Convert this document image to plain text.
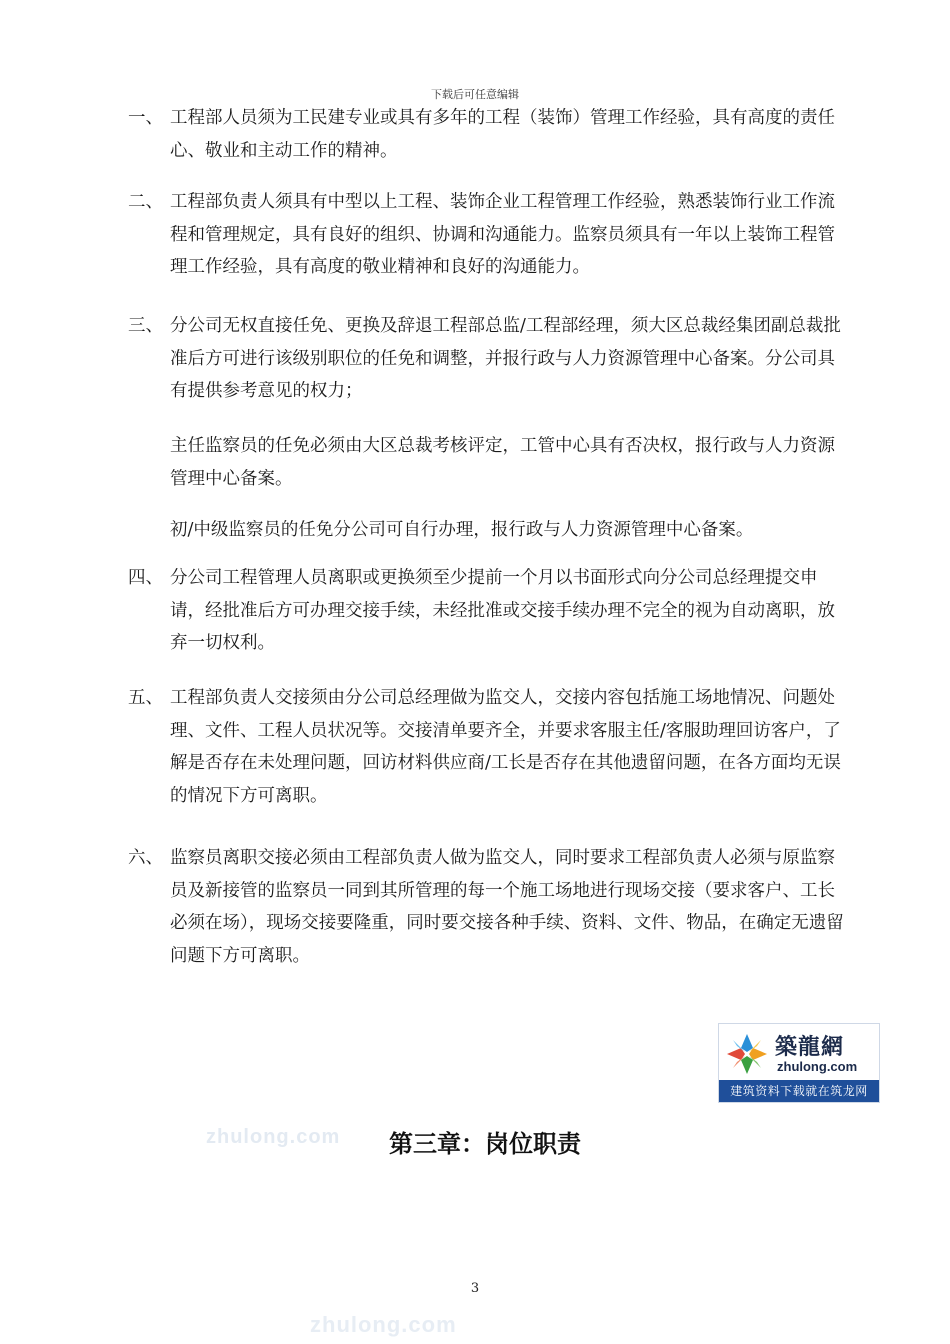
下载后可任意编辑
一、 工程部人员须为工民建专业或具有多年的工程（装饰）管理工作经验，具有高度的责任心、敬业和主动工作的精神。
二、 工程部负责人须具有中型以上工程、装饰企业工程管理工作经验，熟悉装饰行业工作流程和管理规定，具有良好的组织、协调和沟通能力。监察员须具有一年以上装饰工程管理工作经验，具有高度的敬业精神和良好的沟通能力。
三、 分公司无权直接任免、更换及辞退工程部总监/工程部经理，须大区总裁经集团副总裁批准后方可进行该级别职位的任免和调整，并报行政与人力资源管理中心备案。分公司具有提供参考意见的权力；
主任监察员的任免必须由大区总裁考核评定，工管中心具有否决权，报行政与人力资源管理中心备案。
初/中级监察员的任免分公司可自行办理，报行政与人力资源管理中心备案。
四、 分公司工程管理人员离职或更换须至少提前一个月以书面形式向分公司总经理提交申请，经批准后方可办理交接手续，未经批准或交接手续办理不完全的视为自动离职，放弃一切权利。
五、 工程部负责人交接须由分公司总经理做为监交人，交接内容包括施工场地情况、问题处理、文件、工程人员状况等。交接清单要齐全，并要求客服主任/客服助理回访客户，了解是否存在未处理问题，回访材料供应商/工长是否存在其他遗留问题，在各方面均无误的情况下方可离职。
六、 监察员离职交接必须由工程部负责人做为监交人，同时要求工程部负责人必须与原监察员及新接管的监察员一同到其所管理的每一个施工场地进行现场交接（要求客户、工长必须在场），现场交接要隆重，同时要交接各种手续、资料、文件、物品，在确定无遗留问题下方可离职。
築龍網
zhulong.com
建筑资料下载就在筑龙网
zhulong.com	第三章：岗位职责
3
zhulong.com
